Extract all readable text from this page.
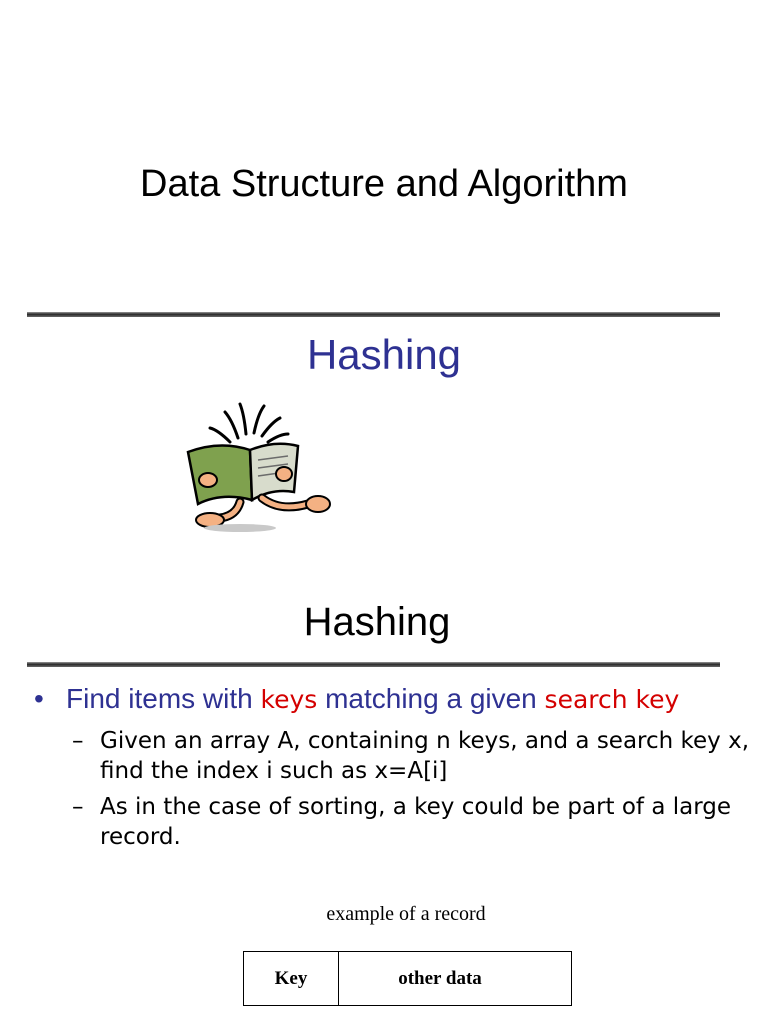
Data Structure and Algorithm
Hashing
Hashing
• Find items with keys matching a given search key
– Given an array A, containing n keys, and a search key x, find the index i such as x=A[i]
– As in the case of sorting, a key could be part of a large record.
example of a record
Key	other data
